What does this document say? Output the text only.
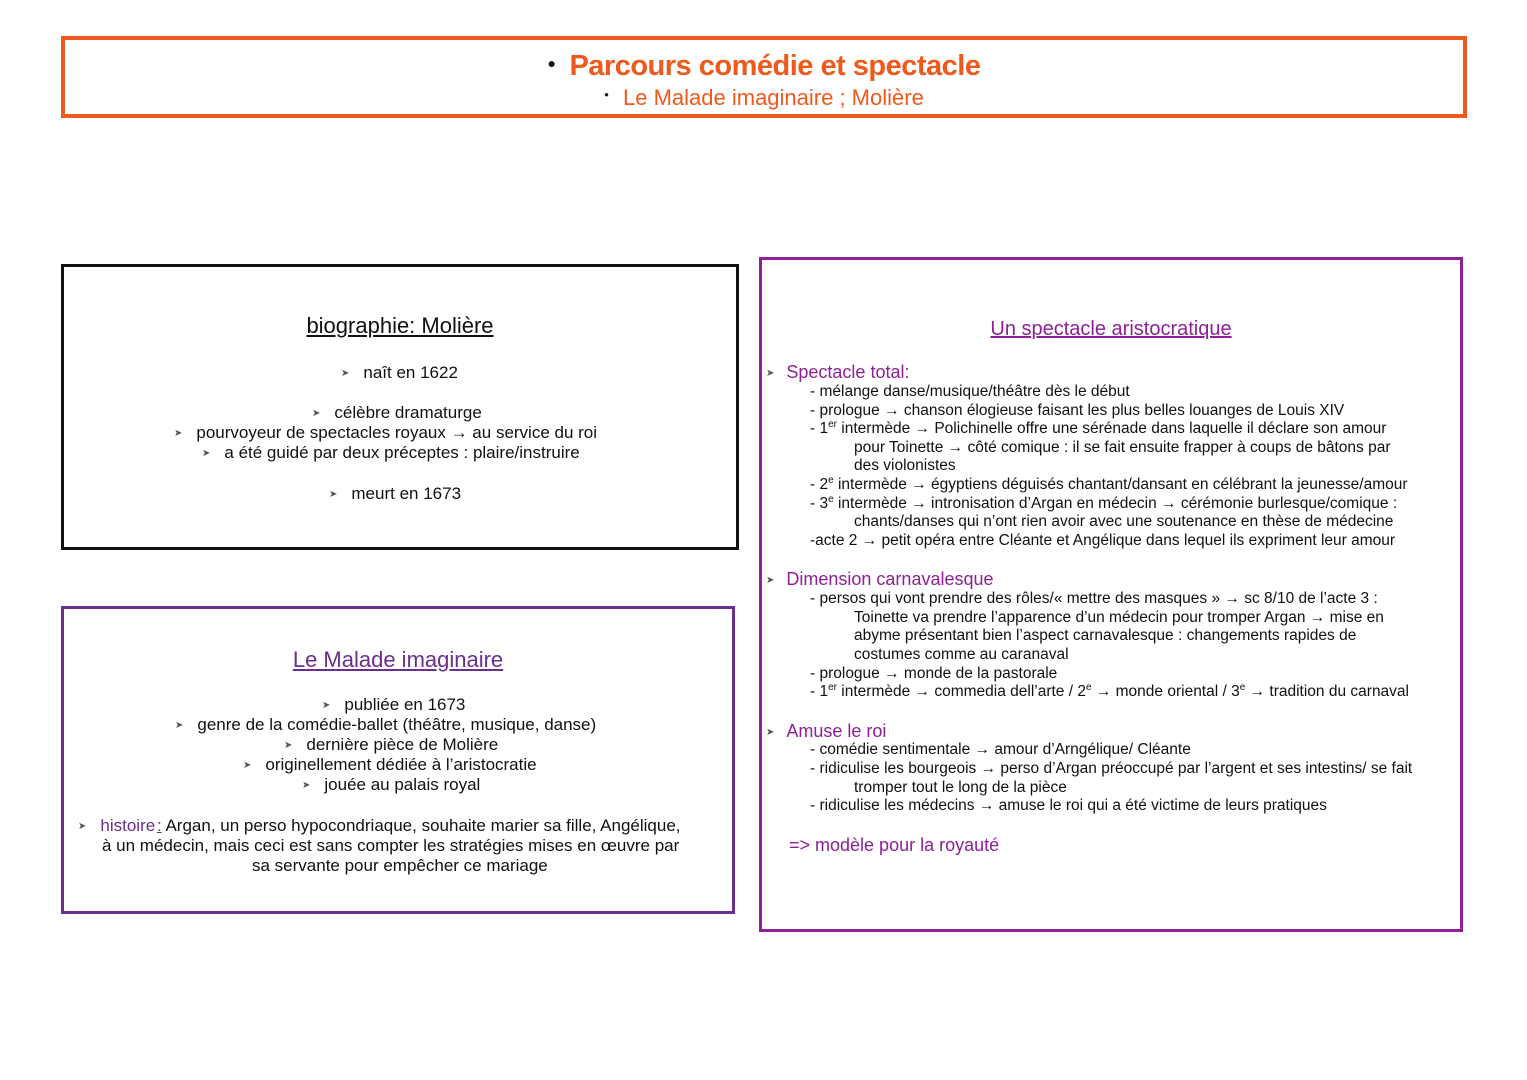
● Parcours comédie et spectacle
● Le Malade imaginaire ; Molière
biographie: Molière
➤ naît en 1622
➤ célèbre dramaturge
➤ pourvoyeur de spectacles royaux → au service du roi
➤ a été guidé par deux préceptes : plaire/instruire
➤ meurt en 1673
Le Malade imaginaire
➤ publiée en 1673
➤ genre de la comédie-ballet (théâtre, musique, danse)
➤ dernière pièce de Molière
➤ originellement dédiée à l’aristocratie
➤ jouée au palais royal
➤ histoire : Argan, un perso hypocondriaque, souhaite marier sa fille, Angélique,
à un médecin, mais ceci est sans compter les stratégies mises en œuvre par
sa servante pour empêcher ce mariage
Un spectacle aristocratique
➤ Spectacle total:
- mélange danse/musique/théâtre dès le début
- prologue → chanson élogieuse faisant les plus belles louanges de Louis XIV
- 1er intermède → Polichinelle offre une sérénade dans laquelle il déclare son amour
pour Toinette → côté comique : il se fait ensuite frapper à coups de bâtons par
des violonistes
- 2e intermède → égyptiens déguisés chantant/dansant en célébrant la jeunesse/amour
- 3e intermède → intronisation d’Argan en médecin → cérémonie burlesque/comique :
chants/danses qui n’ont rien avoir avec une soutenance en thèse de médecine
-acte 2 → petit opéra entre Cléante et Angélique dans lequel ils expriment leur amour
➤ Dimension carnavalesque
- persos qui vont prendre des rôles/« mettre des masques » → sc 8/10 de l’acte 3 :
Toinette va prendre l’apparence d’un médecin pour tromper Argan → mise en
abyme présentant bien l’aspect carnavalesque : changements rapides de
costumes comme au caranaval
- prologue → monde de la pastorale
- 1er intermède → commedia dell’arte / $2^e$ → monde oriental / $3^e$ → tradition du carnaval
➤ Amuse le roi
- comédie sentimentale → amour d’Arngélique/ Cléante
- ridiculise les bourgeois → perso d’Argan préoccupé par l’argent et ses intestins/ se fait
tromper tout le long de la pièce
- ridiculise les médecins → amuse le roi qui a été victime de leurs pratiques
=> modèle pour la royauté
